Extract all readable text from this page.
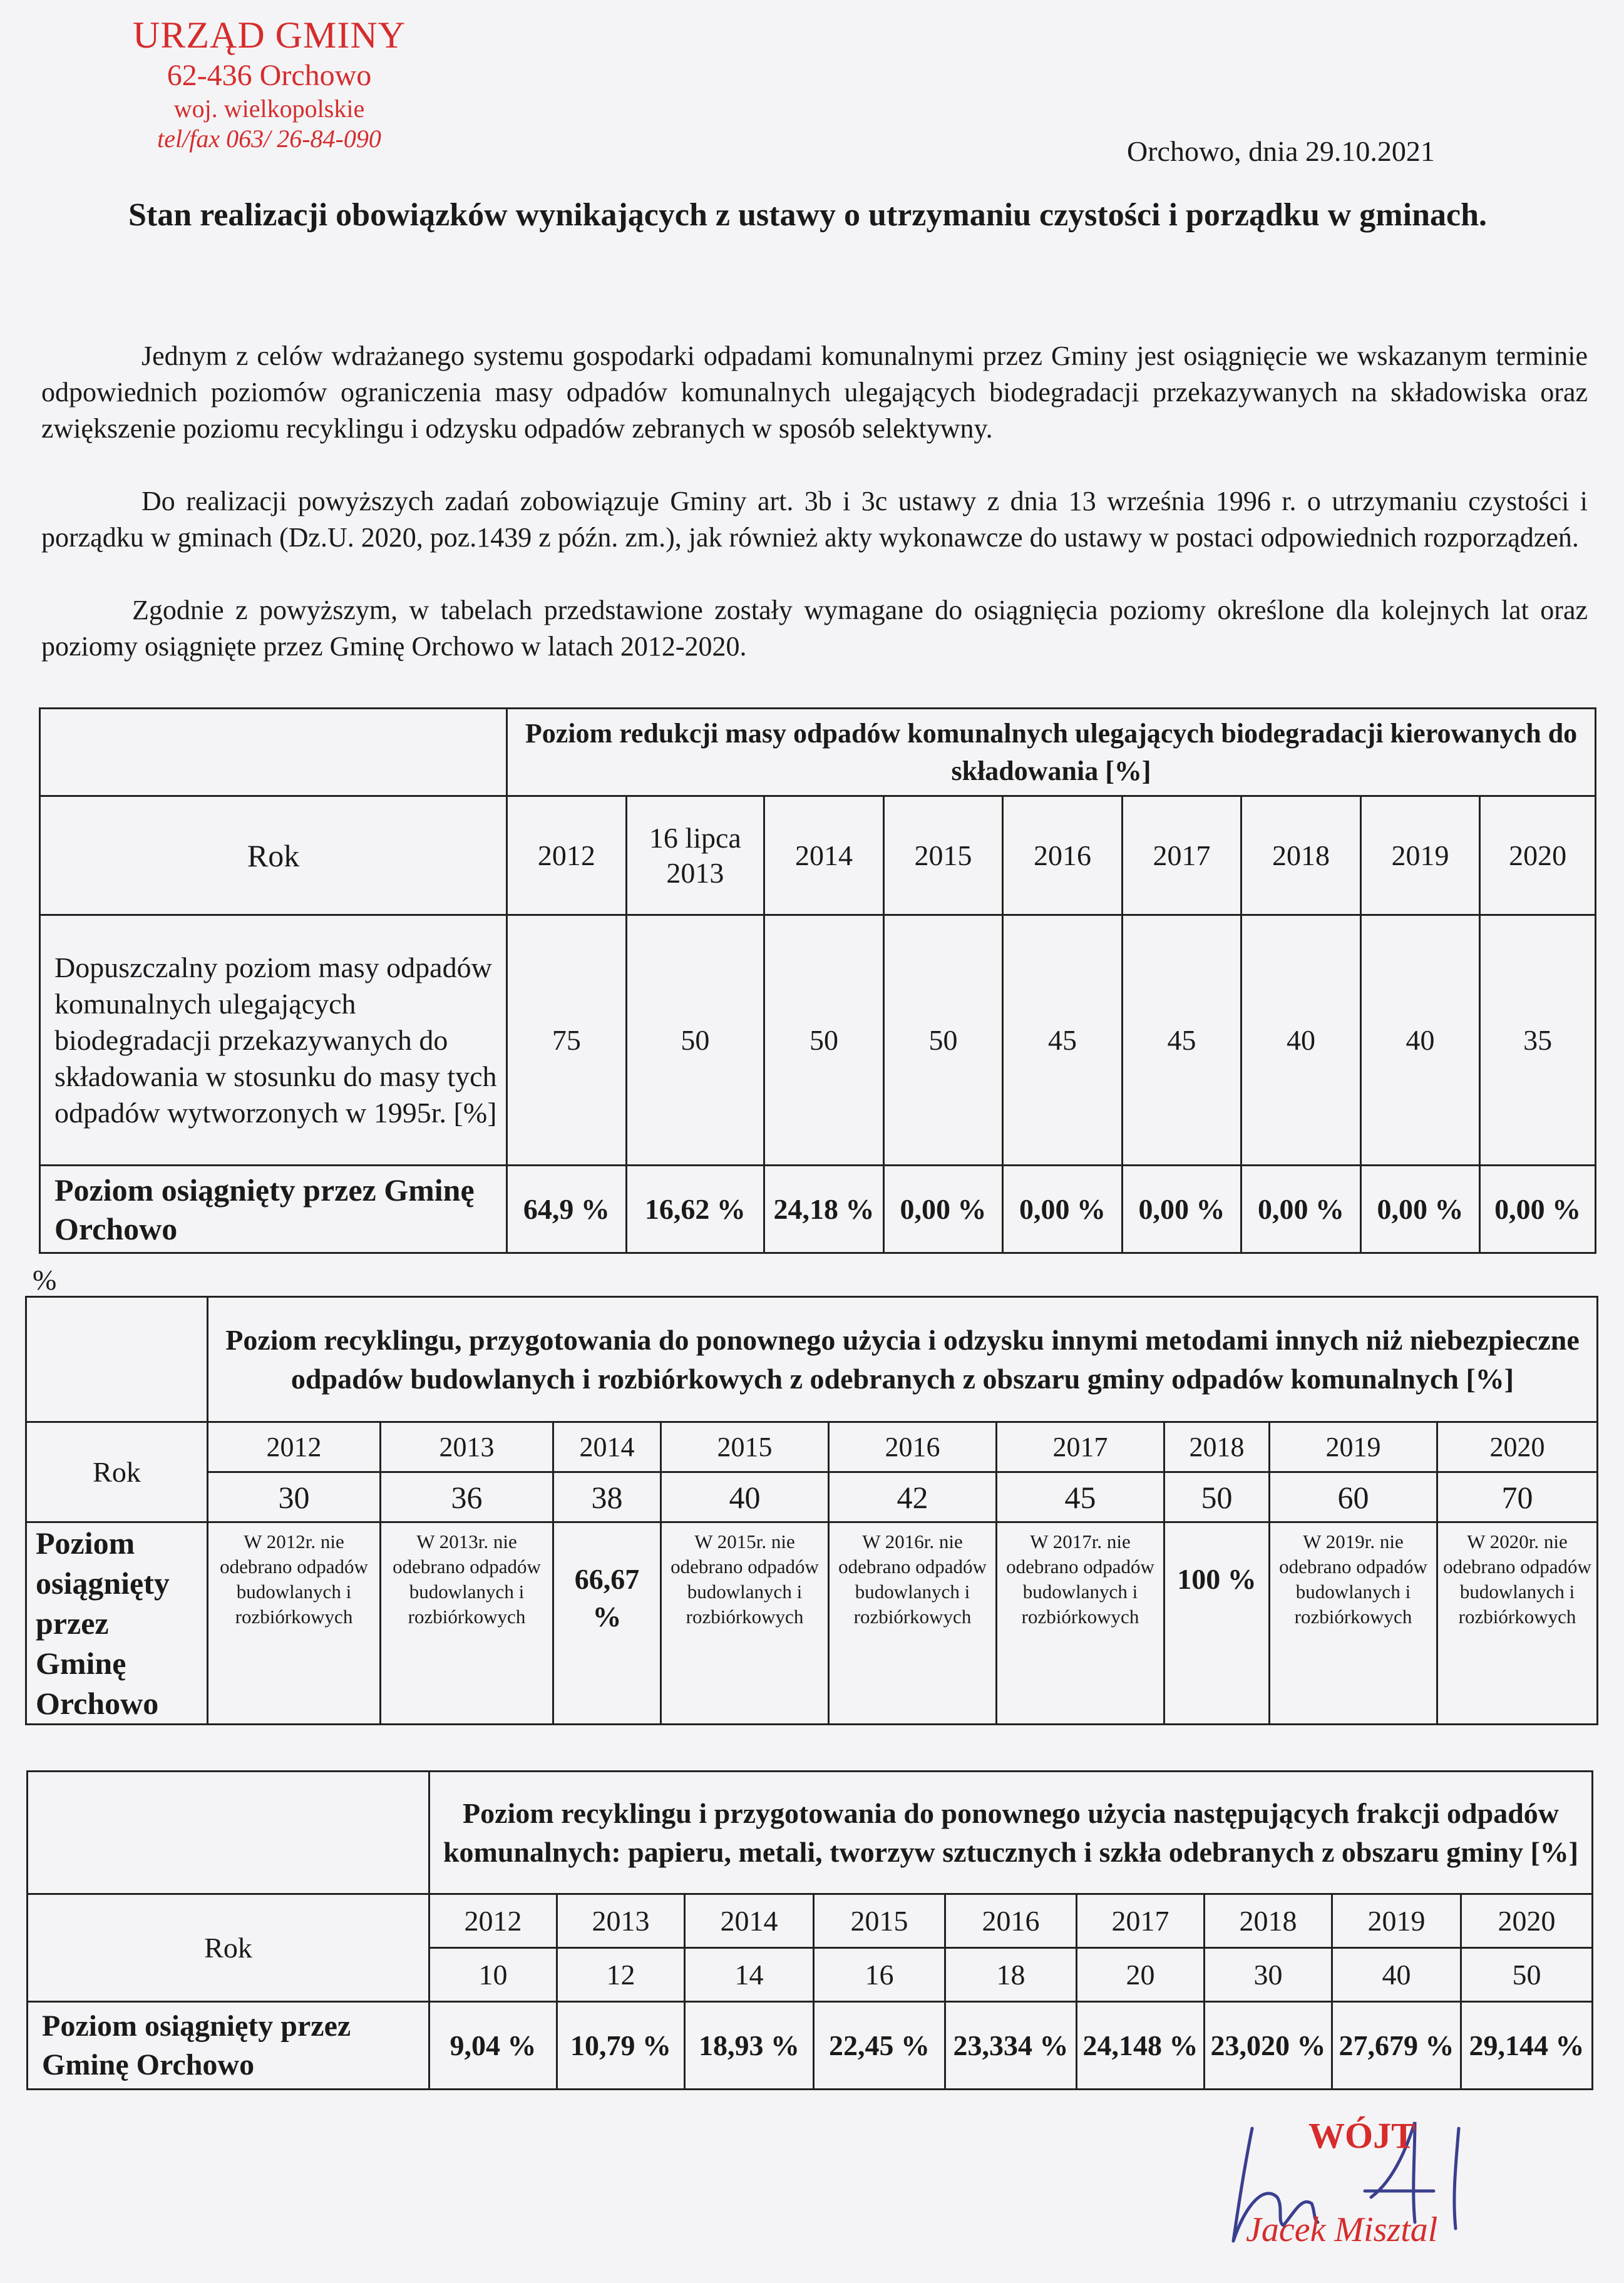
URZĄD GMINY
62-436 Orchowo
woj. wielkopolskie
tel/fax 063/ 26-84-090	Orchowo, dnia 29.10.2021
Stan realizacji obowiązków wynikających z ustawy o utrzymaniu czystości i porządku w gminach.
Jednym z celów wdrażanego systemu gospodarki odpadami komunalnymi przez Gminy jest osiągnięcie we wskazanym terminie odpowiednich poziomów ograniczenia masy odpadów komunalnych ulegających biodegradacji przekazywanych na składowiska oraz zwiększenie poziomu recyklingu i odzysku odpadów zebranych w sposób selektywny.
Do realizacji powyższych zadań zobowiązuje Gminy art. 3b i 3c ustawy z dnia 13 września 1996 r. o utrzymaniu czystości i porządku w gminach (Dz.U. 2020, poz.1439 z późn. zm.), jak również akty wykonawcze do ustawy w postaci odpowiednich rozporządzeń.
Zgodnie z powyższym, w tabelach przedstawione zostały wymagane do osiągnięcia poziomy określone dla kolejnych lat oraz poziomy osiągnięte przez Gminę Orchowo w latach 2012-2020.
	Poziom redukcji masy odpadów komunalnych ulegających biodegradacji kierowanych do składowania [%]								
Rok	2012	16 lipca 2013	2014	2015	2016	2017	2018	2019	2020
Dopuszczalny poziom masy odpadów komunalnych ulegających biodegradacji przekazywanych do składowania w stosunku do masy tych odpadów wytworzonych w 1995r. [%]	75	50	50	50	45	45	40	40	35
Poziom osiągnięty przez Gminę Orchowo	64,9 %	16,62 %	24,18 %	0,00 %	0,00 %	0,00 %	0,00 %	0,00 %	0,00 %
%
	Poziom recyklingu, przygotowania do ponownego użycia i odzysku innymi metodami innych niż niebezpieczne odpadów budowlanych i rozbiórkowych z odebranych z obszaru gminy odpadów komunalnych [%]								
Rok	2012	2013	2014	2015	2016	2017	2018	2019	2020
	30	36	38	40	42	45	50	60	70
Poziom osiągnięty przez Gminę Orchowo	W 2012r. nie odebrano odpadów budowlanych i rozbiórkowych	W 2013r. nie odebrano odpadów budowlanych i rozbiórkowych	66,67 %	W 2015r. nie odebrano odpadów budowlanych i rozbiórkowych	W 2016r. nie odebrano odpadów budowlanych i rozbiórkowych	W 2017r. nie odebrano odpadów budowlanych i rozbiórkowych	100 %	W 2019r. nie odebrano odpadów budowlanych i rozbiórkowych	W 2020r. nie odebrano odpadów budowlanych i rozbiórkowych
	Poziom recyklingu i przygotowania do ponownego użycia następujących frakcji odpadów komunalnych: papieru, metali, tworzyw sztucznych i szkła odebranych z obszaru gminy [%]								
Rok	2012	2013	2014	2015	2016	2017	2018	2019	2020
	10	12	14	16	18	20	30	40	50
Poziom osiągnięty przez Gminę Orchowo	9,04 %	10,79 %	18,93 %	22,45 %	23,334 %	24,148 %	23,020 %	27,679 %	29,144 %
WÓJT
Jacek Misztal
